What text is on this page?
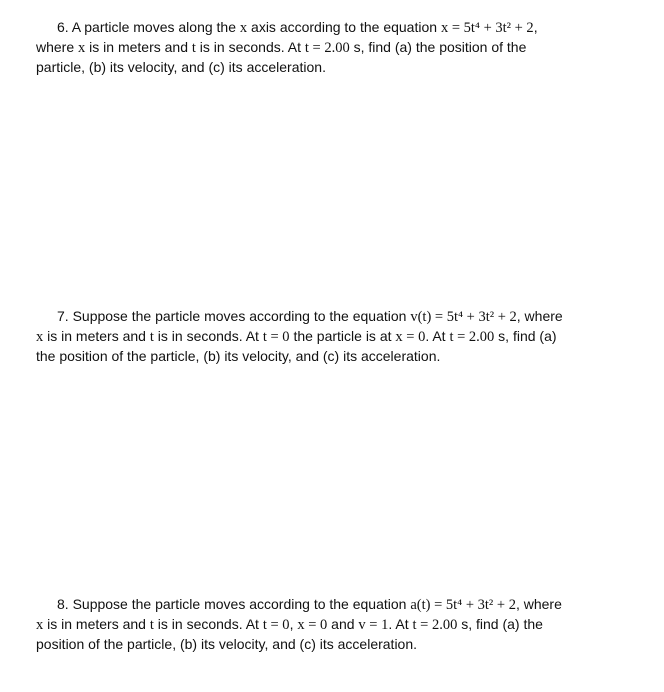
6. A particle moves along the x axis according to the equation x = 5t⁴ + 3t² + 2,
where x is in meters and t is in seconds. At t = 2.00 s, find (a) the position of the
particle, (b) its velocity, and (c) its acceleration.

7. Suppose the particle moves according to the equation v(t) = 5t⁴ + 3t² + 2, where
x is in meters and t is in seconds. At t = 0 the particle is at x = 0. At t = 2.00 s, find (a)
the position of the particle, (b) its velocity, and (c) its acceleration.

8. Suppose the particle moves according to the equation a(t) = 5t⁴ + 3t² + 2, where
x is in meters and t is in seconds. At t = 0, x = 0 and v = 1. At t = 2.00 s, find (a) the
position of the particle, (b) its velocity, and (c) its acceleration.
